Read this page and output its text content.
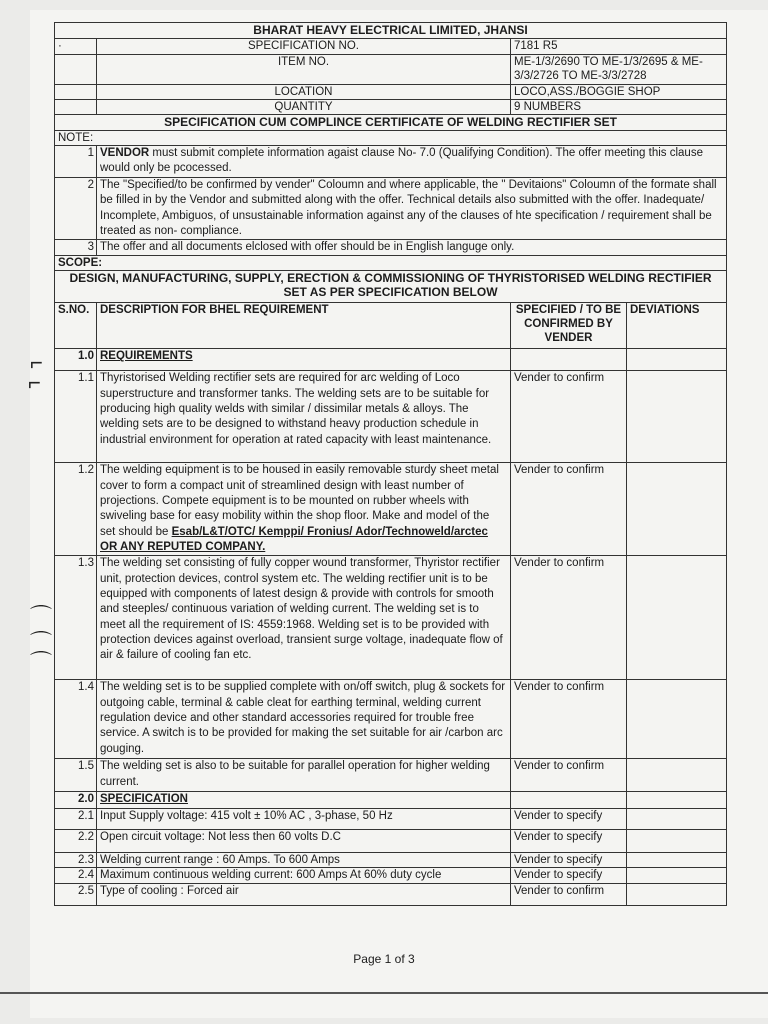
BHARAT HEAVY ELECTRICAL LIMITED, JHANSI			
·	SPECIFICATION NO.	7181 R5	
	ITEM NO.	ME-1/3/2690 TO ME-1/3/2695 & ME-3/3/2726 TO ME-3/3/2728	
	LOCATION	LOCO,ASS./BOGGIE SHOP	
	QUANTITY	9 NUMBERS	
SPECIFICATION CUM COMPLINCE CERTIFICATE OF WELDING RECTIFIER SET			
NOTE:			
1	VENDOR must submit complete information agaist clause No- 7.0 (Qualifying Condition). The offer meeting this clause would only be pcocessed.		
2	The "Specified/to be confirmed by vender" Coloumn and where applicable, the " Devitaions" Coloumn of the formate shall be filled in by the Vendor and submitted along with the offer. Technical details also submitted with the offer. Inadequate/ Incomplete, Ambiguos, of unsustainable information against any of the clauses of hte specification / requirement shall be treated as non- compliance.		
3	The offer and all documents elclosed with offer should be in English languge only.		
SCOPE:			
DESIGN, MANUFACTURING, SUPPLY, ERECTION & COMMISSIONING OF THYRISTORISED WELDING RECTIFIER SET AS PER SPECIFICATION BELOW			
S.NO.	DESCRIPTION FOR BHEL REQUIREMENT	SPECIFIED / TO BE CONFIRMED BY VENDER	DEVIATIONS
1.0	REQUIREMENTS		
1.1	Thyristorised Welding rectifier sets are required for arc welding of Loco superstructure and transformer tanks. The welding sets are to be suitable for producing high quality welds with similar / dissimilar metals & alloys. The welding sets are to be designed to withstand heavy production schedule in industrial environment for operation at rated capacity with least maintenance.	Vender to confirm	
1.2	The welding equipment is to be housed in easily removable sturdy sheet metal cover to form a compact unit of streamlined design with least number of projections. Compete equipment is to be mounted on rubber wheels with swiveling base for easy mobility within the shop floor. Make and model of the set should be Esab/L&T/OTC/ Kemppi/ Fronius/ Ador/Technoweld/arctec OR ANY REPUTED COMPANY.	Vender to confirm	
1.3	The welding set consisting of fully copper wound transformer, Thyristor rectifier unit, protection devices, control system etc. The welding rectifier unit is to be equipped with components of latest design & provide with controls for smooth and steeples/ continuous variation of welding current. The welding set is to meet all the requirement of IS: 4559:1968. Welding set is to be provided with protection devices against overload, transient surge voltage, inadequate flow of air & failure of cooling fan etc.	Vender to confirm	
1.4	The welding set is to be supplied complete with on/off switch, plug & sockets for outgoing cable, terminal & cable cleat for earthing terminal, welding current regulation device and other standard accessories required for trouble free service. A switch is to be provided for making the set suitable for air /carbon arc gouging.	Vender to confirm	
1.5	The welding set is also to be suitable for parallel operation for higher welding current.	Vender to confirm	
2.0	SPECIFICATION		
2.1	Input Supply voltage: 415 volt ± 10% AC , 3-phase, 50 Hz	Vender to specify	
2.2	Open circuit voltage: Not less then 60 volts D.C	Vender to specify	
2.3	Welding current range : 60 Amps. To 600 Amps	Vender to specify	
2.4	Maximum continuous welding current: 600 Amps At 60% duty cycle	Vender to specify	
2.5	Type of cooling : Forced air	Vender to confirm	
⌐
⌐
⌒
⌒
⌒
Page 1 of 3
